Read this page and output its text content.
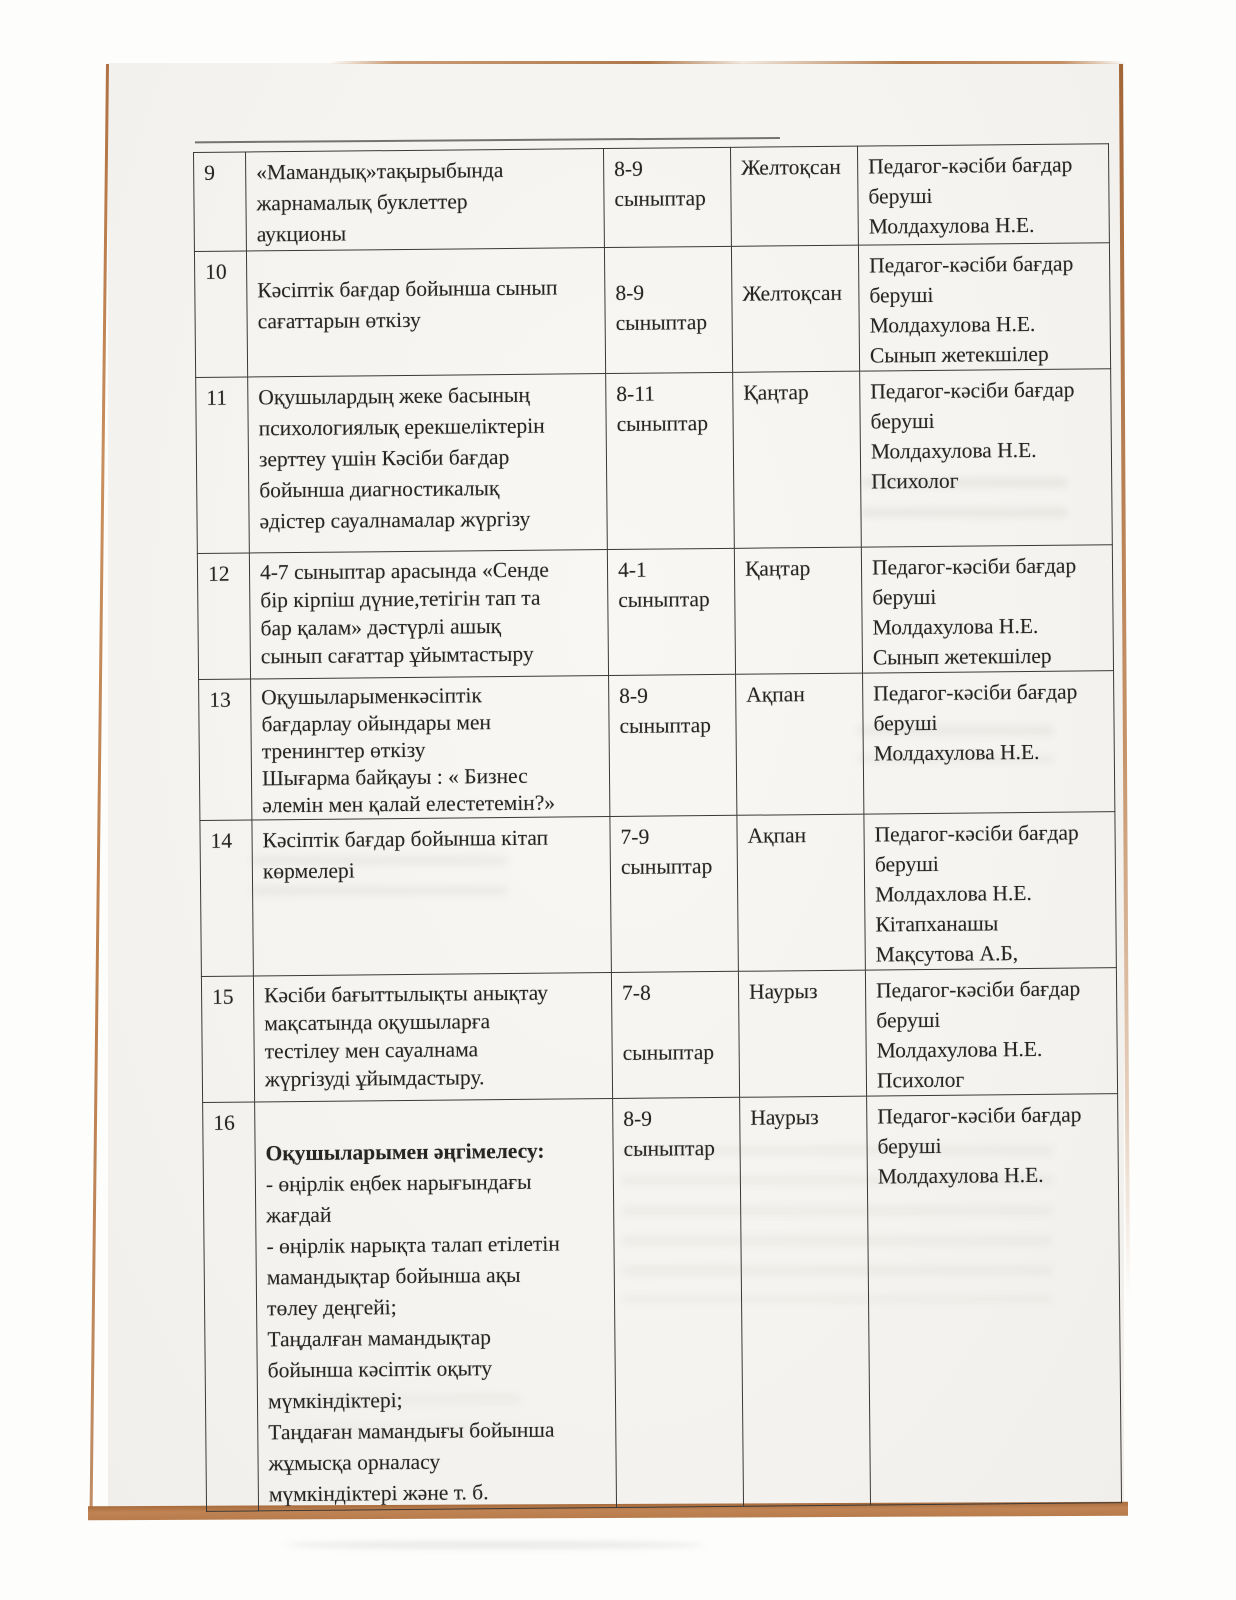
9	«Мамандық»тақырыбында
жарнамалық буклеттер
аукционы	8-9
сыныптар	Желтоқсан	Педагог-кәсіби бағдар
беруші
Молдахулова Н.Е.
10	Кәсіптік бағдар бойынша сынып
сағаттарын өткізу	8-9
сыныптар	Желтоқсан	Педагог-кәсіби бағдар
беруші
Молдахулова Н.Е.
Сынып жетекшілер
11	Оқушылардың жеке басының
психологиялық ерекшеліктерін
зерттеу үшін Кәсіби бағдар
бойынша диагностикалық
әдістер сауалнамалар жүргізу	8-11
сыныптар	Қаңтар	Педагог-кәсіби бағдар
беруші
Молдахулова Н.Е.
Психолог
12	4-7 сыныптар арасында «Сенде
бір кірпіш дүние,тетігін тап та
бар қалам» дәстүрлі ашық
сынып сағаттар ұйымтастыру	4-1
сыныптар	Қаңтар	Педагог-кәсіби бағдар
беруші
Молдахулова Н.Е.
Сынып жетекшілер
13	Оқушыларыменкәсіптік
бағдарлау ойындары мен
тренингтер өткізу
Шығарма байқауы : « Бизнес
әлемін мен қалай елестетемін?»	8-9
сыныптар	Ақпан	Педагог-кәсіби бағдар
беруші
Молдахулова Н.Е.
14	Кәсіптік бағдар бойынша кітап
көрмелері	7-9
сыныптар	Ақпан	Педагог-кәсіби бағдар
беруші
Молдахлова Н.Е.
Кітапханашы
Мақсутова А.Б,
15	Кәсіби бағыттылықты анықтау
мақсатында оқушыларға
тестілеу мен сауалнама
жүргізуді ұйымдастыру.	7-8

сыныптар	Наурыз	Педагог-кәсіби бағдар
беруші
Молдахулова Н.Е.
Психолог
16	

Оқушыларымен әңгімелесу:
- өңірлік еңбек нарығындағы
жағдай
- өңірлік нарықта талап етілетін
мамандықтар бойынша ақы
төлеу деңгейі;
Таңдалған мамандықтар
бойынша кәсіптік оқыту
мүмкіндіктері;
Таңдаған мамандығы бойынша
жұмысқа орналасу
мүмкіндіктері және т. б.
	8-9
сыныптар	Наурыз	Педагог-кәсіби бағдар
беруші
Молдахулова Н.Е.
